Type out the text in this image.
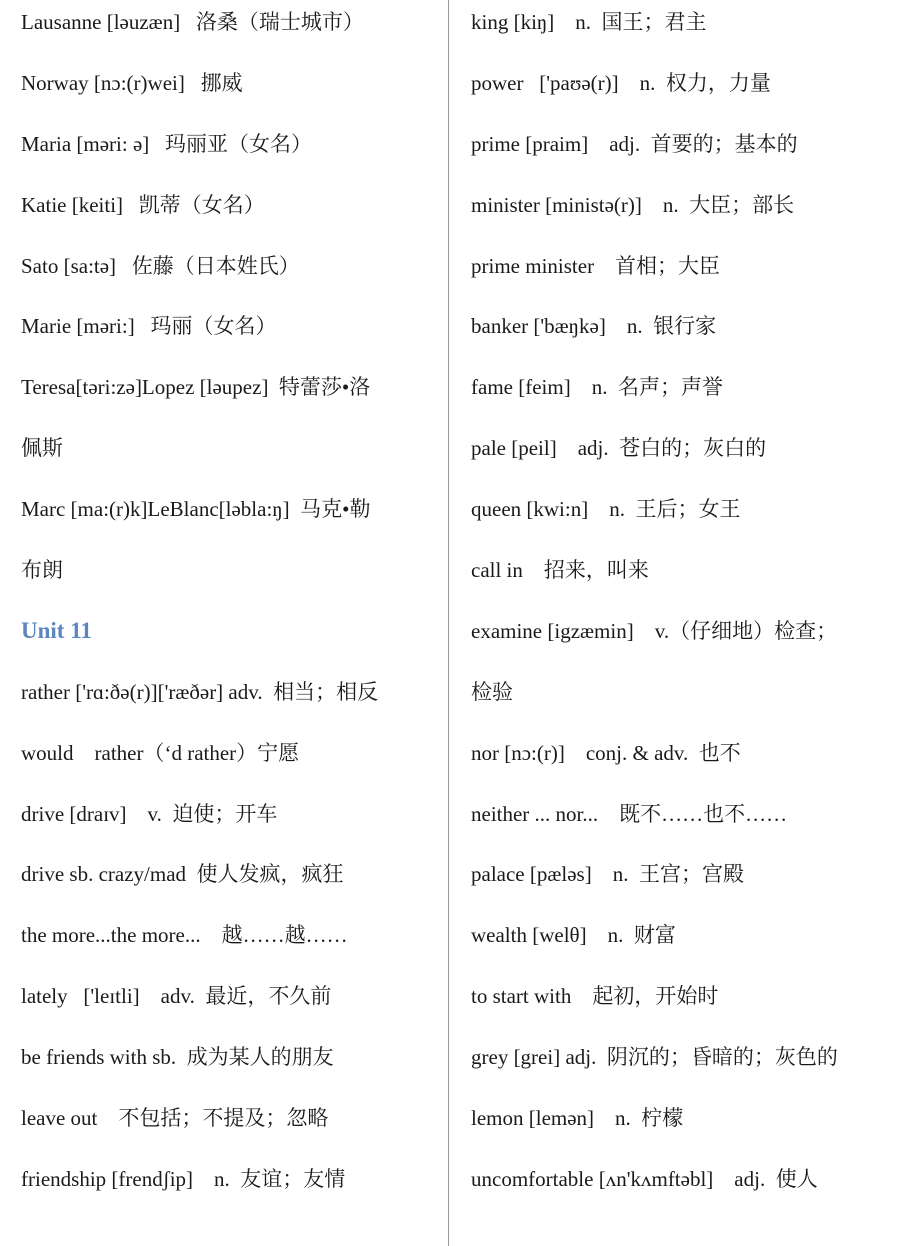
Lausanne [ləuzæn]   洛桑（瑞士城市）
Norway [nɔ:(r)wei]   挪威
Maria [məri: ə]   玛丽亚（女名）
Katie [keiti]   凯蒂（女名）
Sato [sa:tə]   佐藤（日本姓氏）
Marie [məri:]   玛丽（女名）
Teresa[təri:zə]Lopez [ləupez]  特蕾莎•洛
佩斯
Marc [ma:(r)k]LeBlanc[ləbla:ŋ]  马克•勒
布朗
Unit 11
rather ['rɑ:ðə(r)]['ræðər] adv.  相当；相反
would    rather（‘d rather）宁愿
drive [draɪv]    v.  迫使；开车
drive sb. crazy/mad  使人发疯，疯狂
the more...the more...    越……越……
lately   ['leɪtli]    adv.  最近，不久前
be friends with sb.  成为某人的朋友
leave out    不包括；不提及；忽略
friendship [frendʃip]    n.  友谊；友情
king [kiŋ]    n.  国王；君主
power   ['paʊə(r)]    n.  权力，力量
prime [praim]    adj.  首要的；基本的
minister [ministə(r)]    n.  大臣；部长
prime minister    首相；大臣
banker ['bæŋkə]    n.  银行家
fame [feim]    n.  名声；声誉
pale [peil]    adj.  苍白的；灰白的
queen [kwi:n]    n.  王后；女王
call in    招来，叫来
examine [igzæmin]    v.（仔细地）检查；
检验
nor [nɔ:(r)]    conj. & adv.  也不
neither ... nor...    既不……也不……
palace [pæləs]    n.  王宫；宫殿
wealth [welθ]    n.  财富
to start with    起初，开始时
grey [grei] adj.  阴沉的；昏暗的；灰色的
lemon [lemən]    n.  柠檬
uncomfortable [ʌn'kʌmftəbl]    adj.  使人
